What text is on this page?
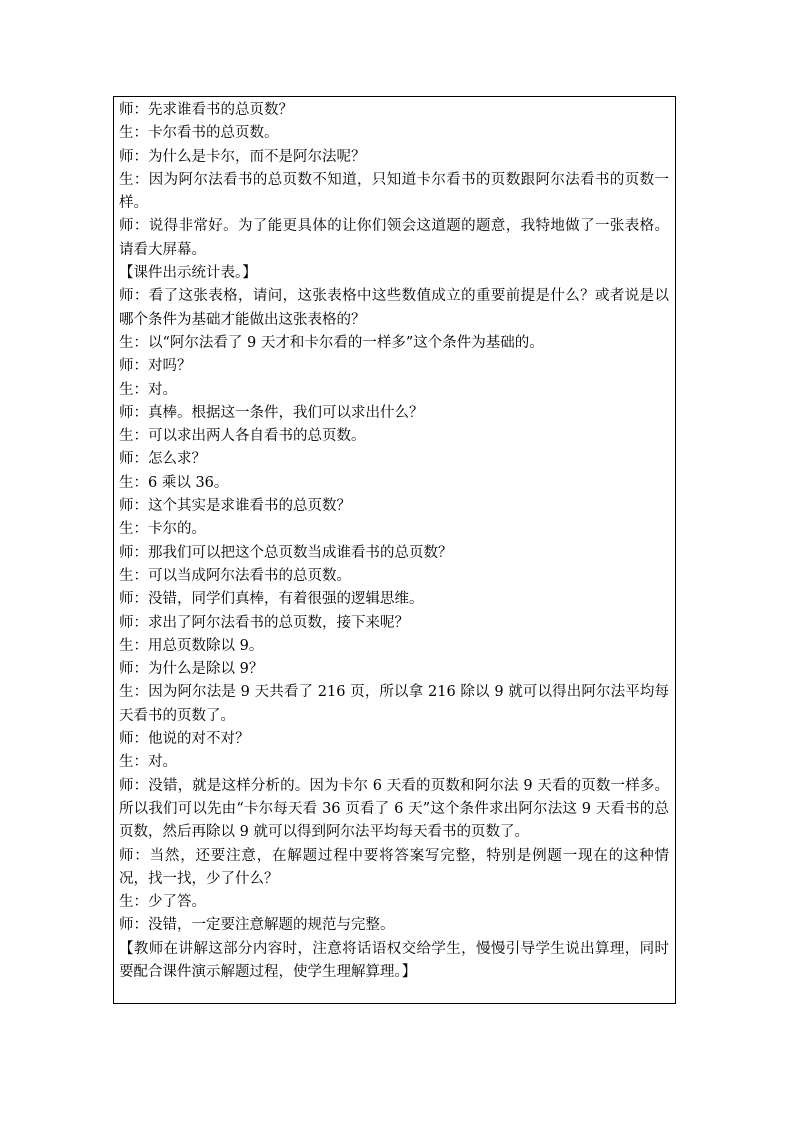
师：先求谁看书的总页数？

生：卡尔看书的总页数。

师：为什么是卡尔，而不是阿尔法呢？

生：因为阿尔法看书的总页数不知道，只知道卡尔看书的页数跟阿尔法看书的页数一样。

师：说得非常好。为了能更具体的让你们领会这道题的题意，我特地做了一张表格。请看大屏幕。

【课件出示统计表。】

师：看了这张表格，请问，这张表格中这些数值成立的重要前提是什么？或者说是以哪个条件为基础才能做出这张表格的？

生：以“阿尔法看了 9 天才和卡尔看的一样多”这个条件为基础的。

师：对吗？

生：对。

师：真棒。根据这一条件，我们可以求出什么？

生：可以求出两人各自看书的总页数。

师：怎么求？

生：6 乘以 36。

师：这个其实是求谁看书的总页数？

生：卡尔的。

师：那我们可以把这个总页数当成谁看书的总页数？

生：可以当成阿尔法看书的总页数。

师：没错，同学们真棒，有着很强的逻辑思维。

师：求出了阿尔法看书的总页数，接下来呢？

生：用总页数除以 9。

师：为什么是除以 9？

生：因为阿尔法是 9 天共看了 216 页，所以拿 216 除以 9 就可以得出阿尔法平均每天看书的页数了。

师：他说的对不对？

生：对。

师：没错，就是这样分析的。因为卡尔 6 天看的页数和阿尔法 9 天看的页数一样多。所以我们可以先由“卡尔每天看 36 页看了 6 天”这个条件求出阿尔法这 9 天看书的总页数，然后再除以 9 就可以得到阿尔法平均每天看书的页数了。

师：当然，还要注意，在解题过程中要将答案写完整，特别是例题一现在的这种情况，找一找，少了什么？

生：少了答。

师：没错，一定要注意解题的规范与完整。

【教师在讲解这部分内容时，注意将话语权交给学生，慢慢引导学生说出算理，同时要配合课件演示解题过程，使学生理解算理。】
